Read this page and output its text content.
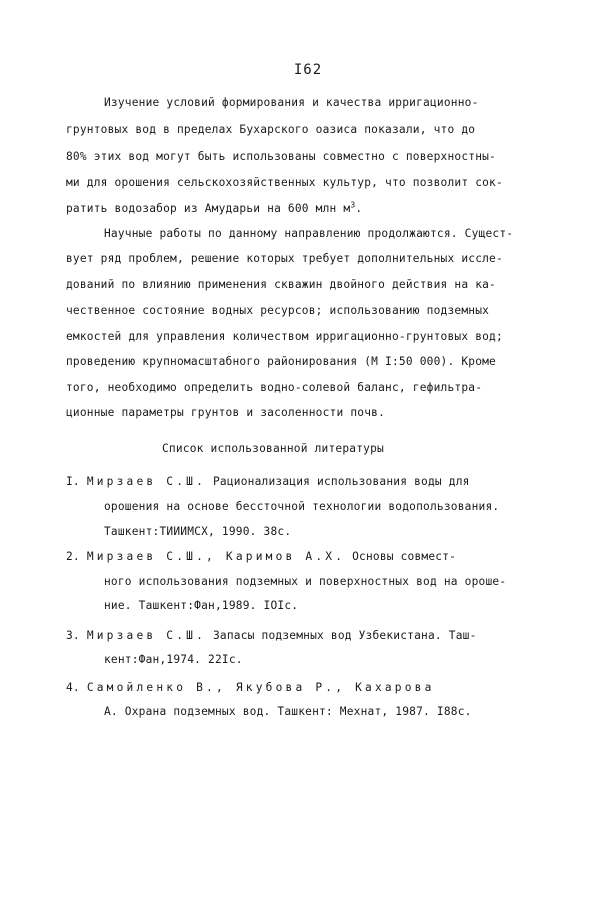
I62
Изучение условий формирования и качества ирригационно-
грунтовых вод в пределах Бухарского оазиса показали, что до
80% этих вод могут быть использованы совместно с поверхностны-
ми для орошения сельскохозяйственных культур, что позволит сок-
ратить водозабор из Амударьи на 600 млн $м^3$.
Научные работы по данному направлению продолжаются. Сущест-
вует ряд проблем, решение которых требует дополнительных иссле-
дований по влиянию применения скважин двойного действия на ка-
чественное состояние водных ресурсов; использованию подземных
емкостей для управления количеством ирригационно-грунтовых вод;
проведению крупномасштабного районирования (М I:50 000). Кроме
того, необходимо определить водно-солевой баланс, гефильтра-
ционные параметры грунтов и засоленности почв.
Список использованной литературы
I. Мирзаев С.Ш. Рационализация использования воды для
орошения на основе бессточной технологии водопользования.
Ташкент:ТИИИМСХ, 1990. 38с.
2. Мирзаев С.Ш., Каримов А.Х. Основы совмест-
ного использования подземных и поверхностных вод на ороше-
ние. Ташкент:Фан,1989. IOIс.
3. Мирзаев С.Ш. Запасы подземных вод Узбекистана. Таш-
кент:Фан,1974. 22Iс.
4. Самойленко В., Якубова Р., Кахарова
А. Охрана подземных вод. Ташкент: Мехнат, 1987. I88с.
